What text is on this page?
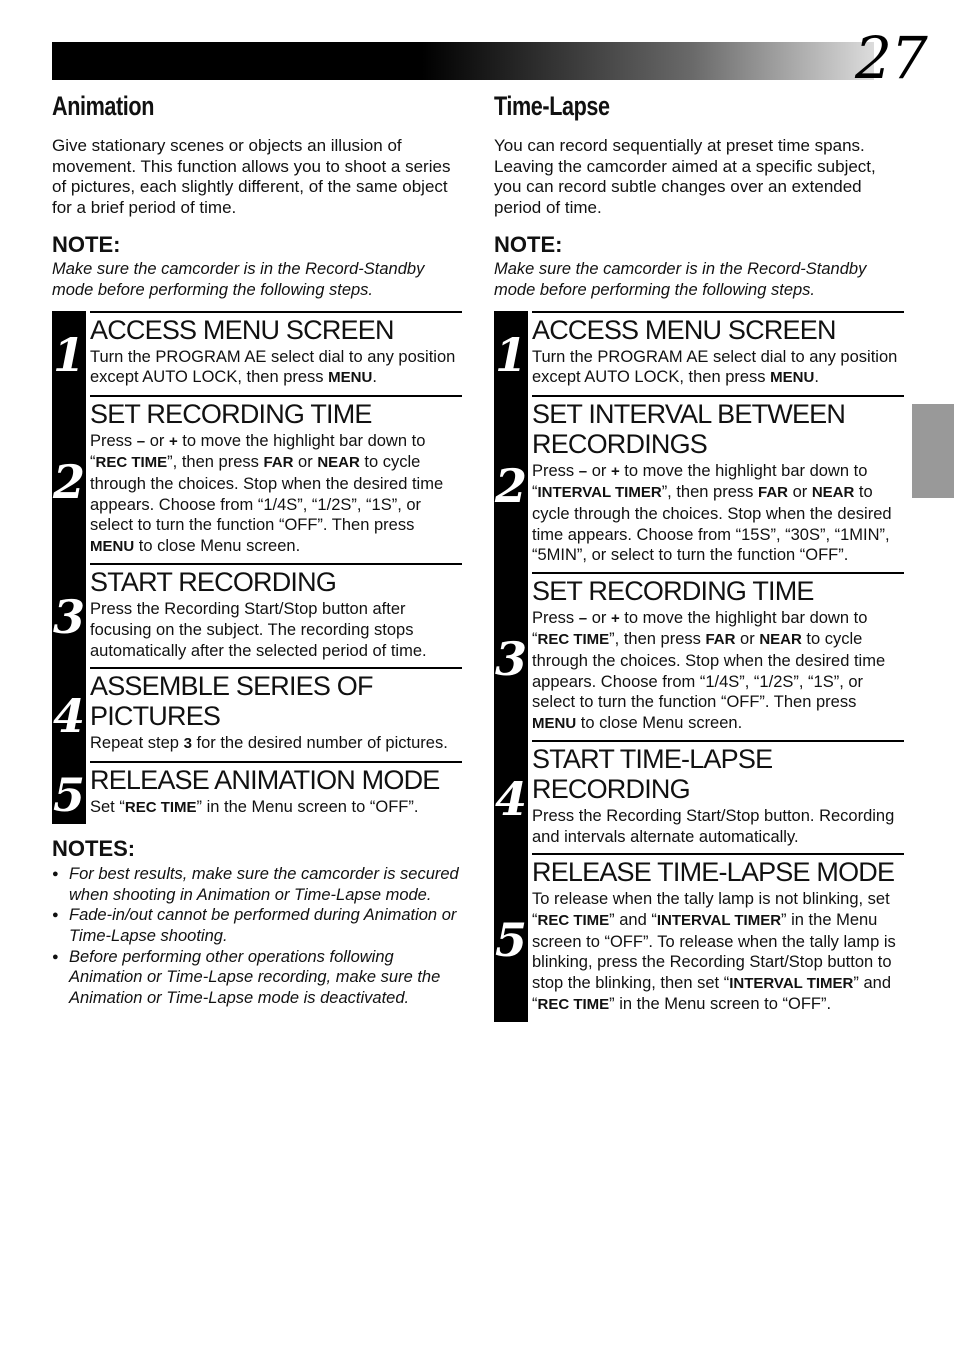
27
Animation

Give stationary scenes or objects an illusion of movement. This function allows you to shoot a series of pictures, each slightly different, of the same object for a brief period of time.

NOTE:

Make sure the camcorder is in the Record-Standby mode before performing the following steps.

1 ACCESS MENU SCREEN

Turn the PROGRAM AE select dial to any position except AUTO LOCK, then press MENU.

2
SET RECORDING TIME

Press – or + to move the highlight bar down to “REC TIME”, then press FAR or NEAR to cycle through the choices. Stop when the desired time appears. Choose from “1/4S”, “1/2S”, “1S”, or select to turn the function “OFF”. Then press MENU to close Menu screen.

3
START RECORDING

Press the Recording Start/Stop button after focusing on the subject. The recording stops automatically after the selected period of time.

4
ASSEMBLE SERIES OF PICTURES

Repeat step 3 for the desired number of pictures.

5 RELEASE ANIMATION MODE

Set “REC TIME” in the Menu screen to “OFF”.

NOTES:
● For best results, make sure the camcorder is secured when shooting in Animation or Time-Lapse mode.
● Fade-in/out cannot be performed during Animation or Time-Lapse shooting.
● Before performing other operations following Animation or Time-Lapse recording, make sure the Animation or Time-Lapse mode is deactivated.
Time-Lapse

You can record sequentially at preset time spans. Leaving the camcorder aimed at a specific subject, you can record subtle changes over an extended period of time.

NOTE:

Make sure the camcorder is in the Record-Standby mode before performing the following steps.

1 ACCESS MENU SCREEN

Turn the PROGRAM AE select dial to any position except AUTO LOCK, then press MENU.

2
SET INTERVAL BETWEEN RECORDINGS

Press – or + to move the highlight bar down to “INTERVAL TIMER”, then press FAR or NEAR to cycle through the choices. Stop when the desired time appears. Choose from “15S”, “30S”, “1MIN”, “5MIN”, or select to turn the function “OFF”.

3
SET RECORDING TIME

Press – or + to move the highlight bar down to “REC TIME”, then press FAR or NEAR to cycle through the choices. Stop when the desired time appears. Choose from “1/4S”, “1/2S”, “1S”, or select to turn the function “OFF”. Then press MENU to close Menu screen.

4
START TIME-LAPSE RECORDING

Press the Recording Start/Stop button. Recording and intervals alternate automatically.

5
RELEASE TIME-LAPSE MODE

To release when the tally lamp is not blinking, set “REC TIME” and “INTERVAL TIMER” in the Menu screen to “OFF”. To release when the tally lamp is blinking, press the Recording Start/Stop button to stop the blinking, then set “INTERVAL TIMER” and “REC TIME” in the Menu screen to “OFF”.
